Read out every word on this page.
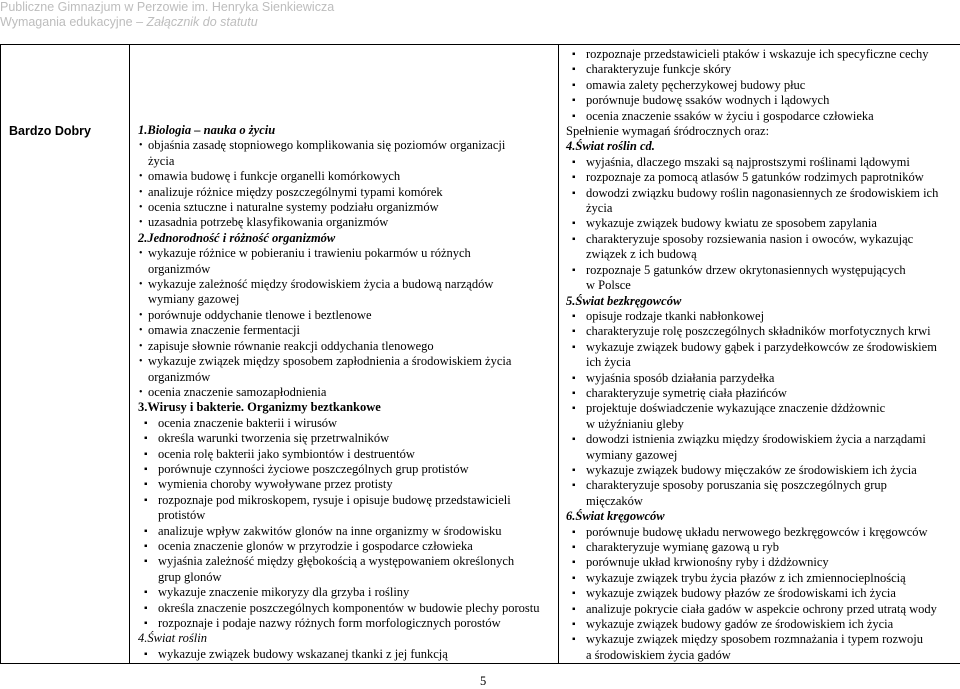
Publiczne Gimnazjum w Perzowie im. Henryka Sienkiewicza
Wymagania edukacyjne – Załącznik do statutu
Bardzo Dobry	1.Biologia – nauka o życiu
• objaśnia zasadę stopniowego komplikowania się poziomów organizacji
życia
• omawia budowę i funkcje organelli komórkowych
• analizuje różnice między poszczególnymi typami komórek
• ocenia sztuczne i naturalne systemy podziału organizmów
• uzasadnia potrzebę klasyfikowania organizmów
2.Jednorodność i różność organizmów
• wykazuje różnice w pobieraniu i trawieniu pokarmów u różnych
organizmów
• wykazuje zależność między środowiskiem życia a budową narządów
wymiany gazowej
• porównuje oddychanie tlenowe i beztlenowe
• omawia znaczenie fermentacji
• zapisuje słownie równanie reakcji oddychania tlenowego
• wykazuje związek między sposobem zapłodnienia a środowiskiem życia
organizmów
• ocenia znaczenie samozapłodnienia
3.Wirusy i bakterie. Organizmy beztkankowe
▪ ocenia znaczenie bakterii i wirusów
▪ określa warunki tworzenia się przetrwalników
▪ ocenia rolę bakterii jako symbiontów i destruentów
▪ porównuje czynności życiowe poszczególnych grup protistów
▪ wymienia choroby wywoływane przez protisty
▪ rozpoznaje pod mikroskopem, rysuje i opisuje budowę przedstawicieli
protistów
▪ analizuje wpływ zakwitów glonów na inne organizmy w środowisku
▪ ocenia znaczenie glonów w przyrodzie i gospodarce człowieka
▪ wyjaśnia zależność między głębokością a występowaniem określonych
grup glonów
▪ wykazuje znaczenie mikoryzy dla grzyba i rośliny
▪ określa znaczenie poszczególnych komponentów w budowie plechy porostu
▪ rozpoznaje i podaje nazwy różnych form morfologicznych porostów
4.Świat roślin
▪ wykazuje związek budowy wskazanej tkanki z jej funkcją

▪ rozpoznaje przedstawicieli ptaków i wskazuje ich specyficzne cechy
▪ charakteryzuje funkcje skóry
▪ omawia zalety pęcherzykowej budowy płuc
▪ porównuje budowę ssaków wodnych i lądowych
▪ ocenia znaczenie ssaków w życiu i gospodarce człowieka
Spełnienie wymagań śródrocznych oraz:
4.Świat roślin cd.
▪ wyjaśnia, dlaczego mszaki są najprostszymi roślinami lądowymi
▪ rozpoznaje za pomocą atlasów 5 gatunków rodzimych paprotników
▪ dowodzi związku budowy roślin nagonasiennych ze środowiskiem ich
życia
▪ wykazuje związek budowy kwiatu ze sposobem zapylania
▪ charakteryzuje sposoby rozsiewania nasion i owoców, wykazując
związek z ich budową
▪ rozpoznaje 5 gatunków drzew okrytonasiennych występujących
w Polsce
5.Świat bezkręgowców
▪ opisuje rodzaje tkanki nabłonkowej
▪ charakteryzuje rolę poszczególnych składników morfotycznych krwi
▪ wykazuje związek budowy gąbek i parzydełkowców ze środowiskiem
ich życia
▪ wyjaśnia sposób działania parzydełka
▪ charakteryzuje symetrię ciała płazińców
▪ projektuje doświadczenie wykazujące znaczenie dżdżownic
w użyźnianiu gleby
▪ dowodzi istnienia związku między środowiskiem życia a narządami
wymiany gazowej
▪ wykazuje związek budowy mięczaków ze środowiskiem ich życia
▪ charakteryzuje sposoby poruszania się poszczególnych grup
mięczaków
6.Świat kręgowców
▪ porównuje budowę układu nerwowego bezkręgowców i kręgowców
▪ charakteryzuje wymianę gazową u ryb
▪ porównuje układ krwionośny ryby i dżdżownicy
▪ wykazuje związek trybu życia płazów z ich zmiennocieplnością
▪ wykazuje związek budowy płazów ze środowiskami ich życia
▪ analizuje pokrycie ciała gadów w aspekcie ochrony przed utratą wody
▪ wykazuje związek budowy gadów ze środowiskiem ich życia
▪ wykazuje związek między sposobem rozmnażania i typem rozwoju
a środowiskiem życia gadów
5
